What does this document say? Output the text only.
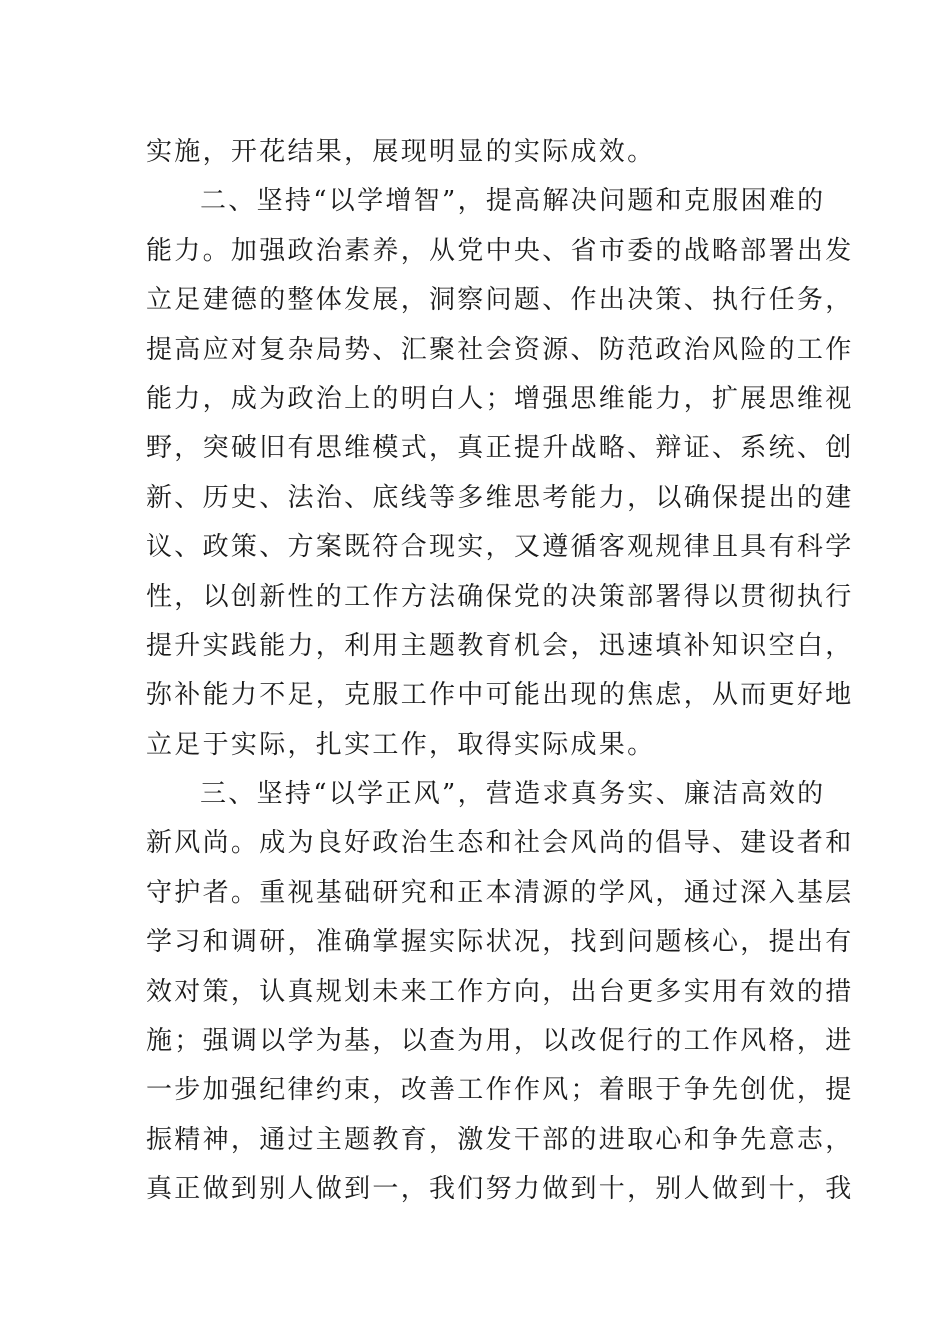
实施，开花结果，展现明显的实际成效。
二、坚持“以学增智”，提高解决问题和克服困难的
能力。加强政治素养，从党中央、省市委的战略部署出发
立足建德的整体发展，洞察问题、作出决策、执行任务，
提高应对复杂局势、汇聚社会资源、防范政治风险的工作
能力，成为政治上的明白人；增强思维能力，扩展思维视
野，突破旧有思维模式，真正提升战略、辩证、系统、创
新、历史、法治、底线等多维思考能力，以确保提出的建
议、政策、方案既符合现实，又遵循客观规律且具有科学
性，以创新性的工作方法确保党的决策部署得以贯彻执行
提升实践能力，利用主题教育机会，迅速填补知识空白，
弥补能力不足，克服工作中可能出现的焦虑，从而更好地
立足于实际，扎实工作，取得实际成果。
三、坚持“以学正风”，营造求真务实、廉洁高效的
新风尚。成为良好政治生态和社会风尚的倡导、建设者和
守护者。重视基础研究和正本清源的学风，通过深入基层
学习和调研，准确掌握实际状况，找到问题核心，提出有
效对策，认真规划未来工作方向，出台更多实用有效的措
施；强调以学为基，以查为用，以改促行的工作风格，进
一步加强纪律约束，改善工作作风；着眼于争先创优，提
振精神，通过主题教育，激发干部的进取心和争先意志，
真正做到别人做到一，我们努力做到十，别人做到十，我
